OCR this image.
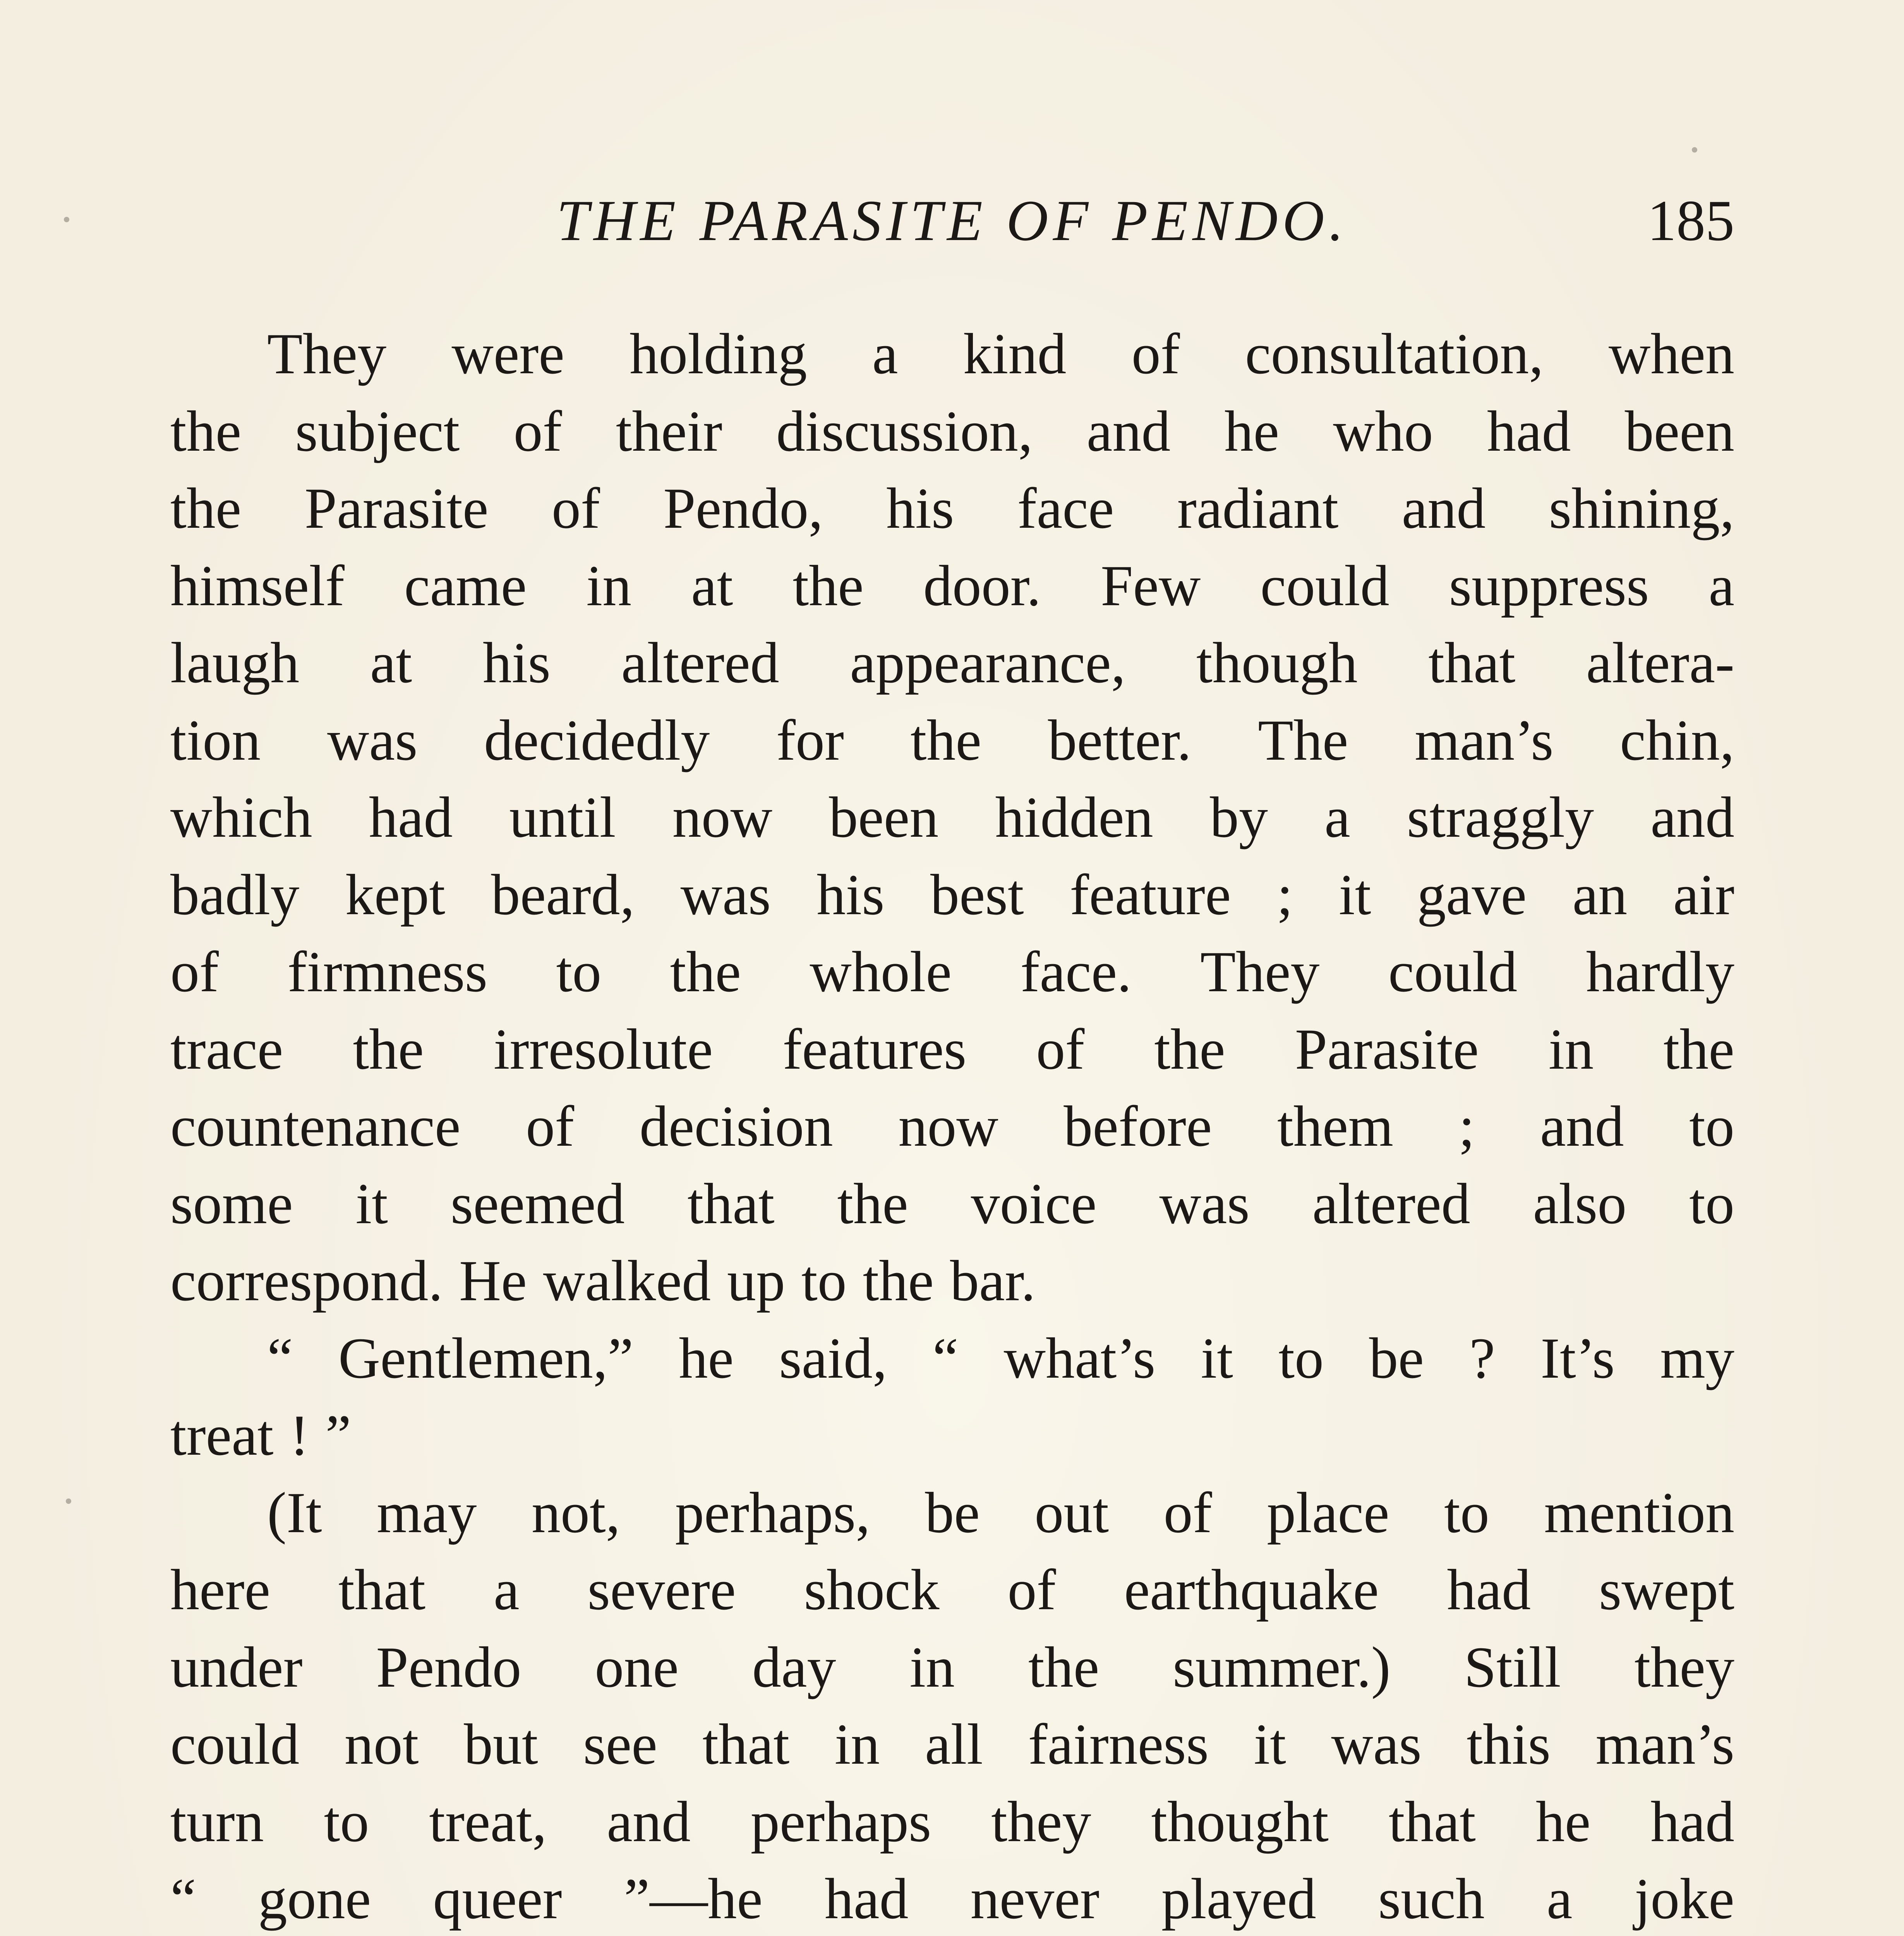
THE PARASITE OF PENDO.	185
They were holding a kind of consultation, when
the subject of their discussion, and he who had been
the Parasite of Pendo, his face radiant and shining,
himself came in at the door. Few could suppress a
laugh at his altered appearance, though that altera-
tion was decidedly for the better. The man’s chin,
which had until now been hidden by a straggly and
badly kept beard, was his best feature ; it gave an air
of firmness to the whole face. They could hardly
trace the irresolute features of the Parasite in the
countenance of decision now before them ; and to
some it seemed that the voice was altered also to
correspond. He walked up to the bar.
“ Gentlemen,” he said, “ what’s it to be ? It’s my
treat ! ”
(It may not, perhaps, be out of place to mention
here that a severe shock of earthquake had swept
under Pendo one day in the summer.) Still they
could not but see that in all fairness it was this man’s
turn to treat, and perhaps they thought that he had
“ gone queer ”—he had never played such a joke
